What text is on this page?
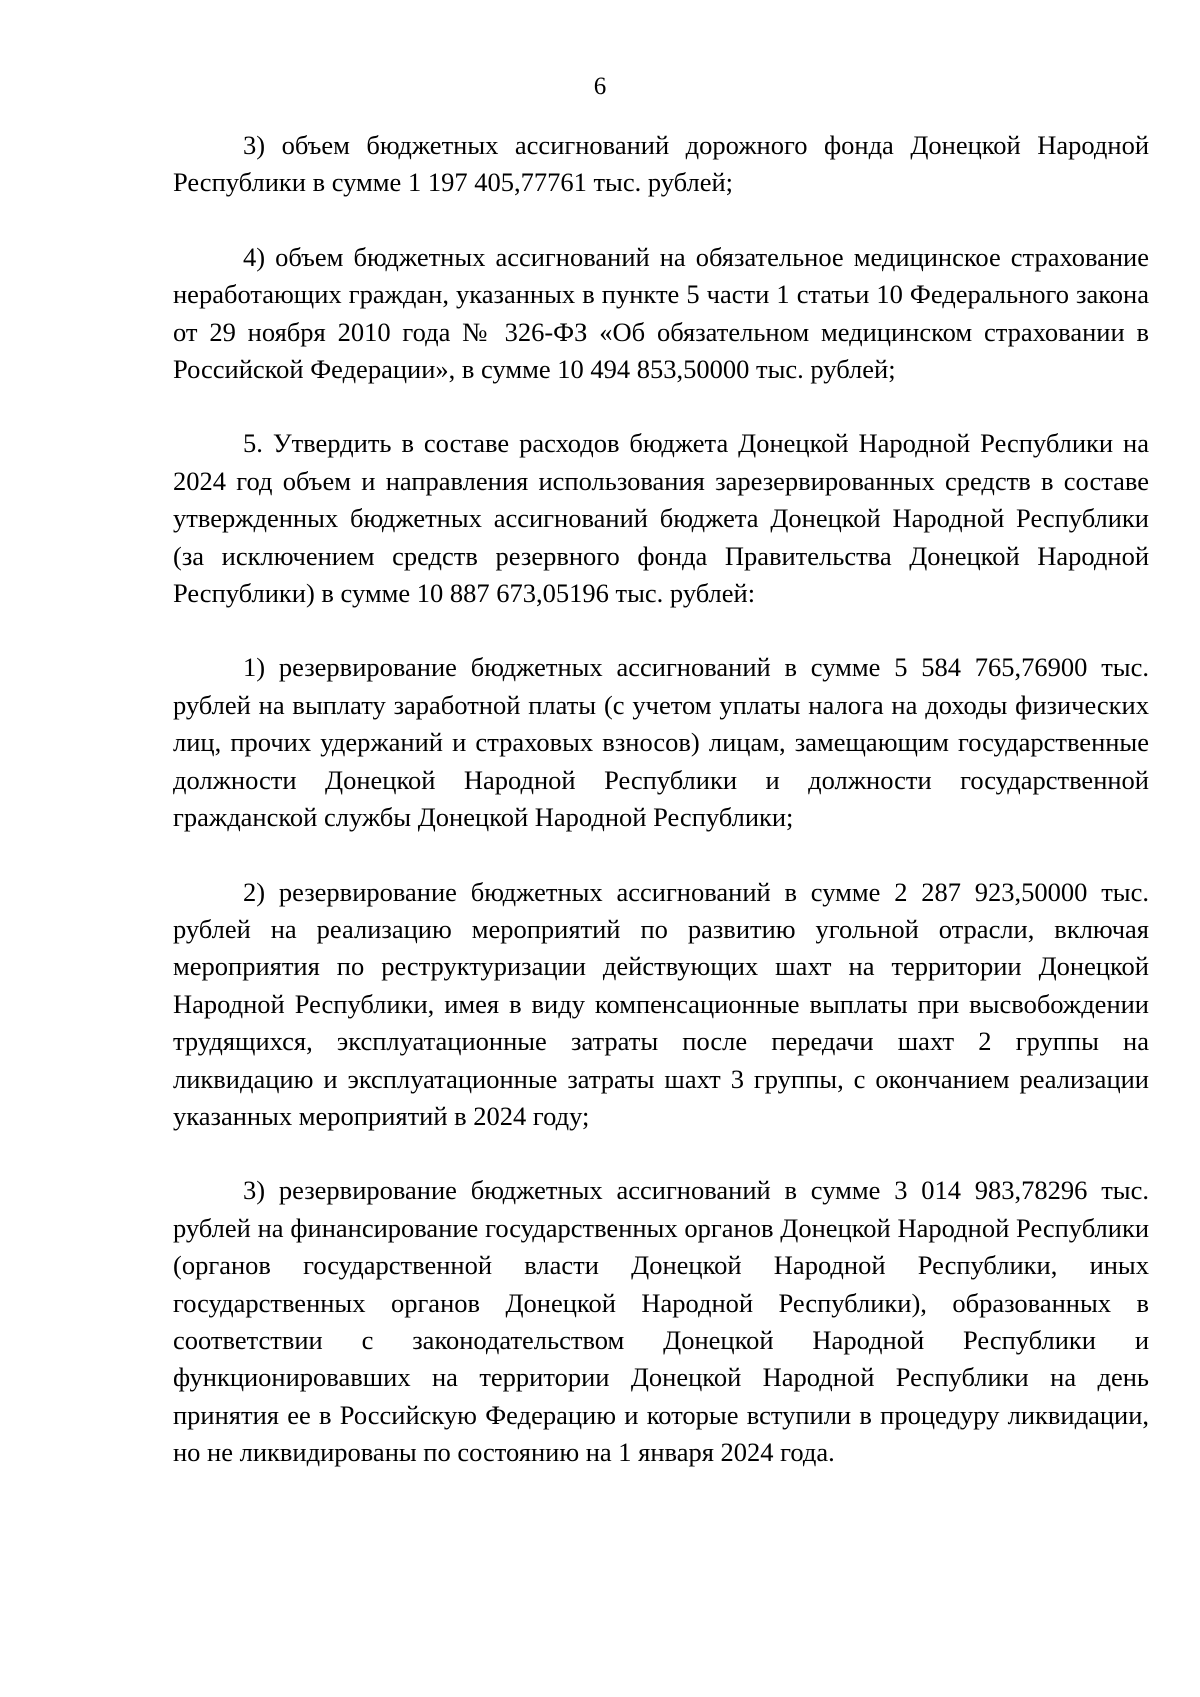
6

3) объем бюджетных ассигнований дорожного фонда Донецкой Народной Республики в сумме 1 197 405,77761 тыс. рублей;

4) объем бюджетных ассигнований на обязательное медицинское страхование неработающих граждан, указанных в пункте 5 части 1 статьи 10 Федерального закона от 29 ноября 2010 года № 326-ФЗ «Об обязательном медицинском страховании в Российской Федерации», в сумме 10 494 853,50000 тыс. рублей;

5. Утвердить в составе расходов бюджета Донецкой Народной Республики на 2024 год объем и направления использования зарезервированных средств в составе утвержденных бюджетных ассигнований бюджета Донецкой Народной Республики (за исключением средств резервного фонда Правительства Донецкой Народной Республики) в сумме 10 887 673,05196 тыс. рублей:

1) резервирование бюджетных ассигнований в сумме 5 584 765,76900 тыс. рублей на выплату заработной платы (с учетом уплаты налога на доходы физических лиц, прочих удержаний и страховых взносов) лицам, замещающим государственные должности Донецкой Народной Республики и должности государственной гражданской службы Донецкой Народной Республики;

2) резервирование бюджетных ассигнований в сумме 2 287 923,50000 тыс. рублей на реализацию мероприятий по развитию угольной отрасли, включая мероприятия по реструктуризации действующих шахт на территории Донецкой Народной Республики, имея в виду компенсационные выплаты при высвобождении трудящихся, эксплуатационные затраты после передачи шахт 2 группы на ликвидацию и эксплуатационные затраты шахт 3 группы, с окончанием реализации указанных мероприятий в 2024 году;

3) резервирование бюджетных ассигнований в сумме 3 014 983,78296 тыс. рублей на финансирование государственных органов Донецкой Народной Республики (органов государственной власти Донецкой Народной Республики, иных государственных органов Донецкой Народной Республики), образованных в соответствии с законодательством Донецкой Народной Республики и функционировавших на территории Донецкой Народной Республики на день принятия ее в Российскую Федерацию и которые вступили в процедуру ликвидации, но не ликвидированы по состоянию на 1 января 2024 года.
